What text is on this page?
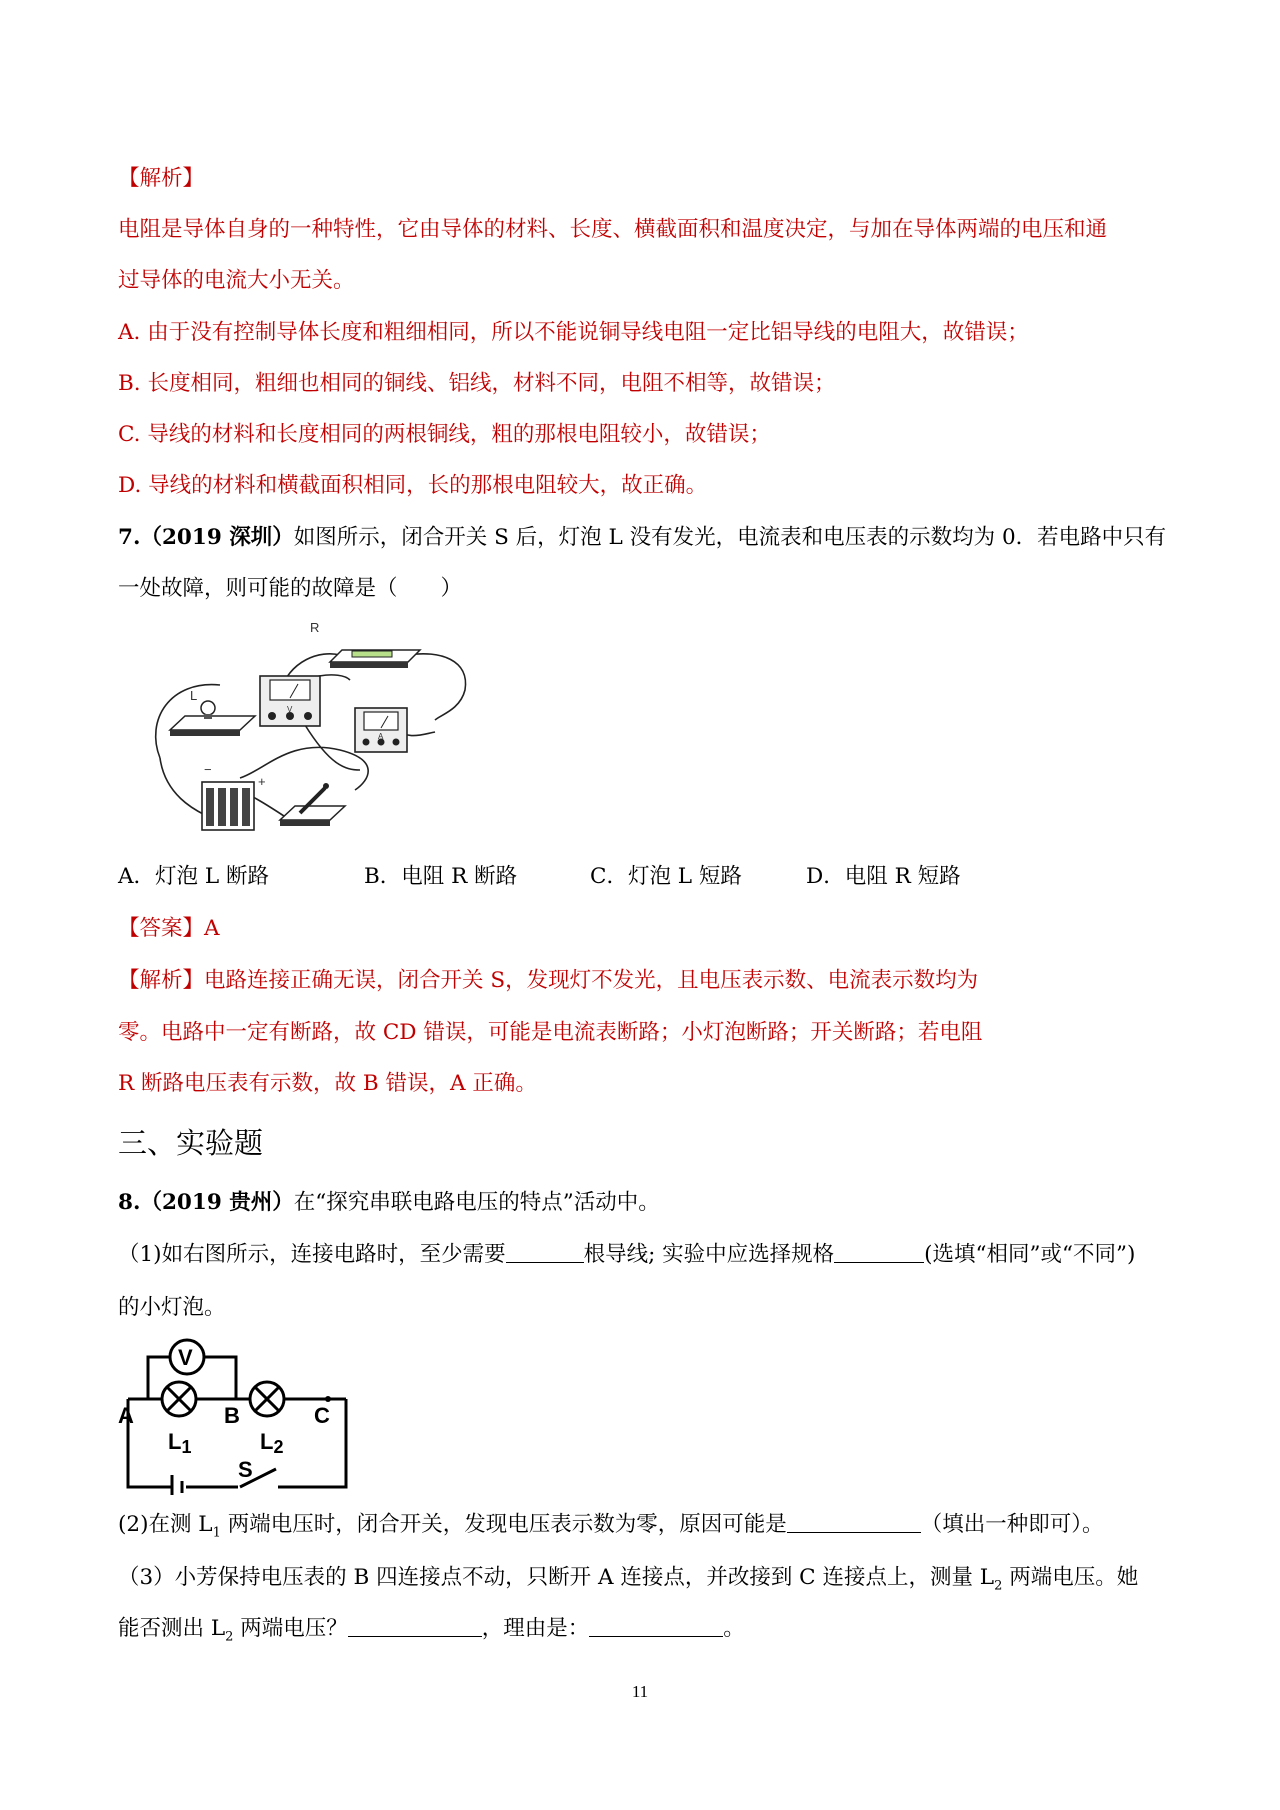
【解析】
电阻是导体自身的一种特性，它由导体的材料、长度、横截面积和温度决定，与加在导体两端的电压和通
过导体的电流大小无关。
A. 由于没有控制导体长度和粗细相同，所以不能说铜导线电阻一定比铝导线的电阻大，故错误；
B. 长度相同，粗细也相同的铜线、铝线，材料不同，电阻不相等，故错误；
C. 导线的材料和长度相同的两根铜线，粗的那根电阻较小，故错误；
D. 导线的材料和横截面积相同，长的那根电阻较大，故正确。
7.（2019 深圳）如图所示，闭合开关 S 后，灯泡 L 没有发光，电流表和电压表的示数均为 0．若电路中只有
一处故障，则可能的故障是（　　）
R
L
V
A
−
+
A．灯泡 L 断路	B．电阻 R 断路	C．灯泡 L 短路	D．电阻 R 短路
【答案】A
【解析】电路连接正确无误，闭合开关 S，发现灯不发光，且电压表示数、电流表示数均为
零。电路中一定有断路，故 CD 错误，可能是电流表断路；小灯泡断路；开关断路；若电阻
R 断路电压表有示数，故 B 错误，A 正确。
三、实验题
8.（2019 贵州）在“探究串联电路电压的特点”活动中。
（1)如右图所示，连接电路时，至少需要	根导线; 实验中应选择规格	(选填“相同”或“不同”)
的小灯泡。
V
A	B	C
L1	L2
S
(2)在测 $L_1$ 两端电压时，闭合开关，发现电压表示数为零，原因可能是	（填出一种即可）。
（3）小芳保持电压表的 B 四连接点不动，只断开 A 连接点，并改接到 C 连接点上，测量 $L_2$ 两端电压。她
能否测出 $L_2$ 两端电压？	，理由是：	。
11
